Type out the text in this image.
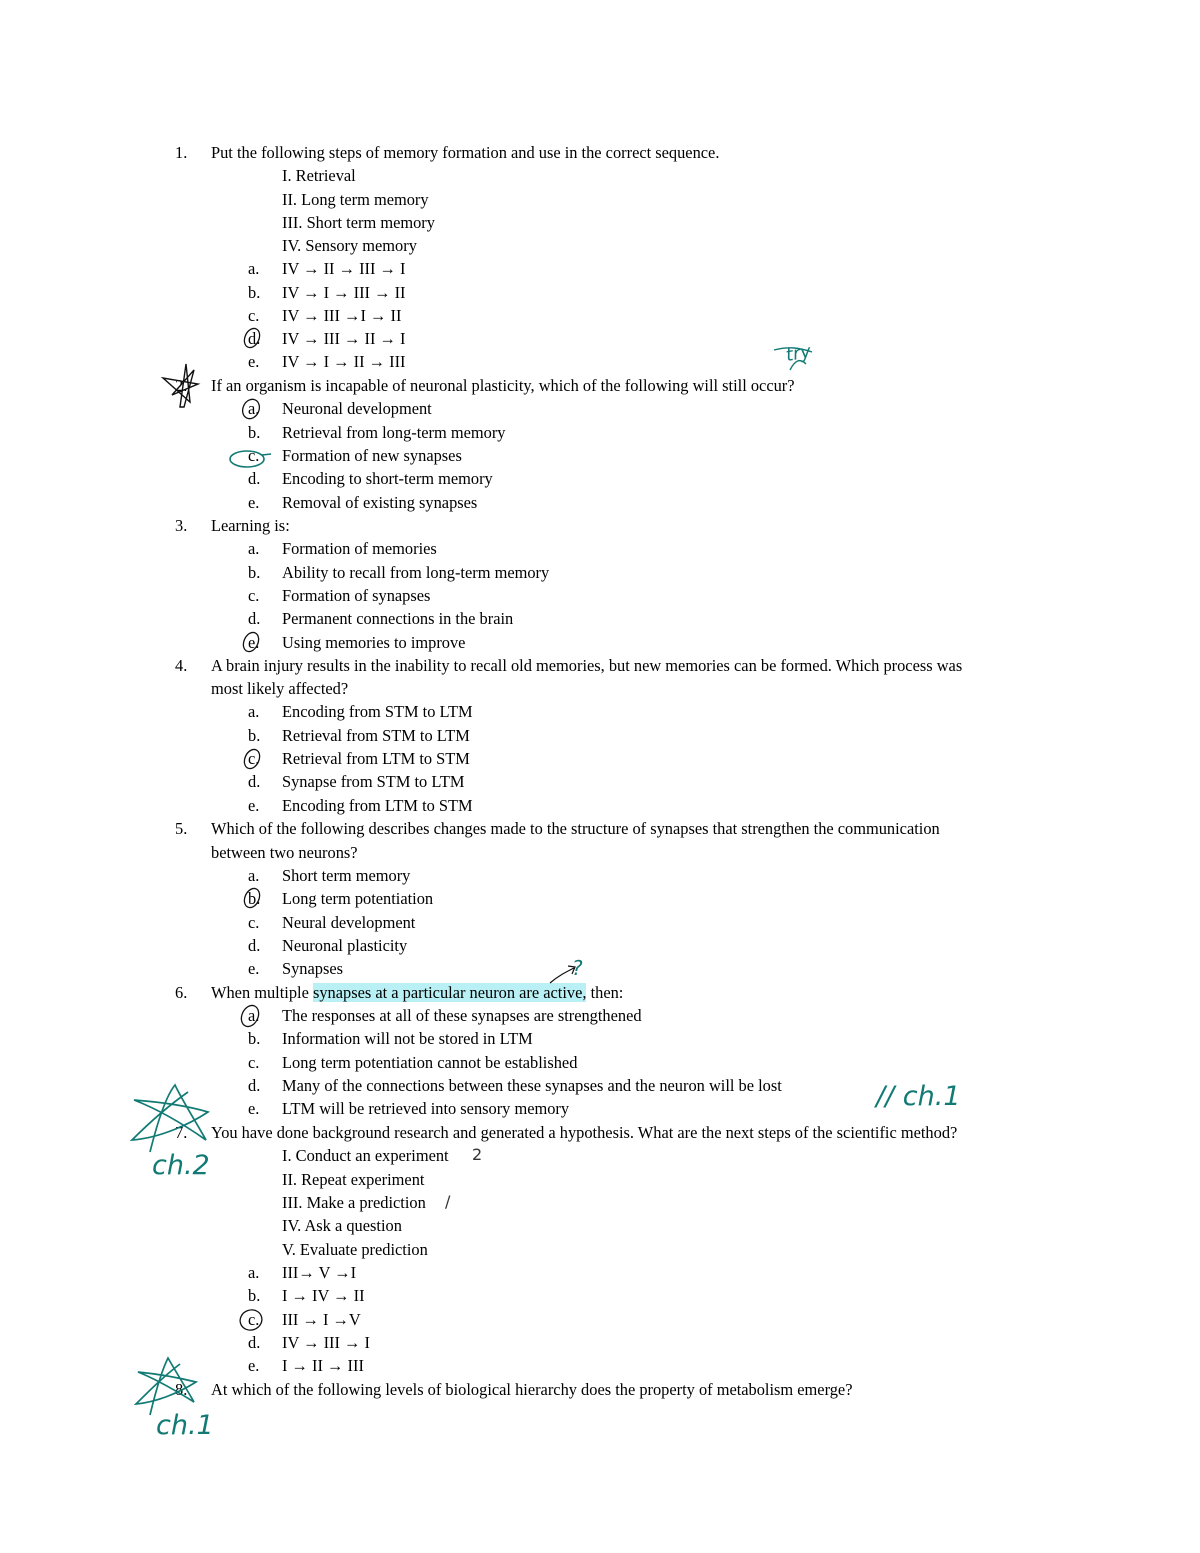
1.	Put the following steps of memory formation and use in the correct sequence.
I. Retrieval
II. Long term memory
III. Short term memory
IV. Sensory memory
a. IV → II → III → I
b. IV → I → III → II
c. IV → III →I → II
d. IV → III → II → I
e. IV → I → II → III
2.	If an organism is incapable of neuronal plasticity, which of the following will still occur?
a. Neuronal development
b. Retrieval from long-term memory
c. Formation of new synapses
d. Encoding to short-term memory
e. Removal of existing synapses
3.	Learning is:
a. Formation of memories
b. Ability to recall from long-term memory
c. Formation of synapses
d. Permanent connections in the brain
e. Using memories to improve
4.	A brain injury results in the inability to recall old memories, but new memories can be formed. Which process was
most likely affected?
a. Encoding from STM to LTM
b. Retrieval from STM to LTM
c. Retrieval from LTM to STM
d. Synapse from STM to LTM
e. Encoding from LTM to STM
5.	Which of the following describes changes made to the structure of synapses that strengthen the communication
between two neurons?
a. Short term memory
b. Long term potentiation
c. Neural development
d. Neuronal plasticity
e. Synapses
6.	When multiple synapses at a particular neuron are active, then:
a. The responses at all of these synapses are strengthened
b. Information will not be stored in LTM
c. Long term potentiation cannot be established
d. Many of the connections between these synapses and the neuron will be lost
e. LTM will be retrieved into sensory memory
7.	You have done background research and generated a hypothesis. What are the next steps of the scientific method?
I. Conduct an experiment
II. Repeat experiment
III. Make a prediction
IV. Ask a question
V. Evaluate prediction
a. III→ V →I
b. I → IV → II
c. III → I →V
d. IV → III → I
e. I → II → III
8.	At which of the following levels of biological hierarchy does the property of metabolism emerge?
ch.2
// ch.1
ch.1
try
2
/
?
